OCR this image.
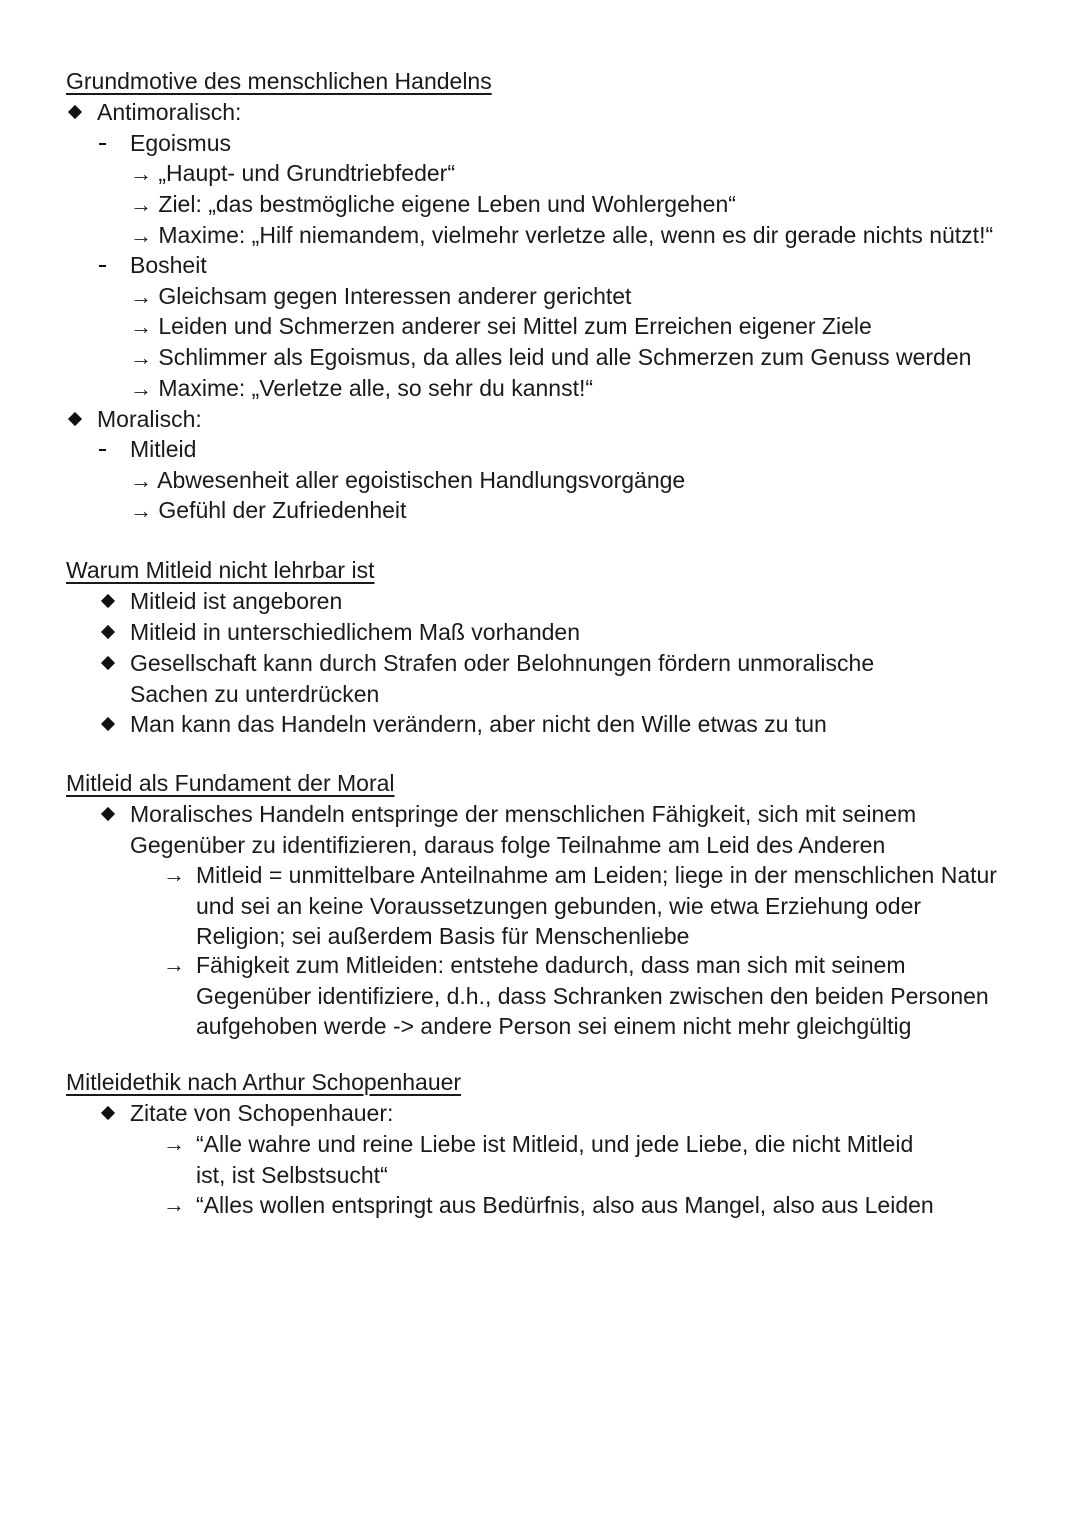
Grundmotive des menschlichen Handelns
Antimoralisch:
Egoismus
→ „Haupt- und Grundtriebfeder“
→ Ziel: „das bestmögliche eigene Leben und Wohlergehen“
→ Maxime: „Hilf niemandem, vielmehr verletze alle, wenn es dir gerade nichts nützt!“
Bosheit
→ Gleichsam gegen Interessen anderer gerichtet
→ Leiden und Schmerzen anderer sei Mittel zum Erreichen eigener Ziele
→ Schlimmer als Egoismus, da alles leid und alle Schmerzen zum Genuss werden
→ Maxime: „Verletze alle, so sehr du kannst!“
Moralisch:
Mitleid
→ Abwesenheit aller egoistischen Handlungsvorgänge
→ Gefühl der Zufriedenheit
Warum Mitleid nicht lehrbar ist
Mitleid ist angeboren
Mitleid in unterschiedlichem Maß vorhanden
Gesellschaft kann durch Strafen oder Belohnungen fördern unmoralische Sachen zu unterdrücken
Man kann das Handeln verändern, aber nicht den Wille etwas zu tun
Mitleid als Fundament der Moral
Moralisches Handeln entspringe der menschlichen Fähigkeit, sich mit seinem Gegenüber zu identifizieren, daraus folge Teilnahme am Leid des Anderen
→ Mitleid = unmittelbare Anteilnahme am Leiden; liege in der menschlichen Natur und sei an keine Voraussetzungen gebunden, wie etwa Erziehung oder Religion; sei außerdem Basis für Menschenliebe
→ Fähigkeit zum Mitleiden: entstehe dadurch, dass man sich mit seinem Gegenüber identifiziere, d.h., dass Schranken zwischen den beiden Personen aufgehoben werde -> andere Person sei einem nicht mehr gleichgültig
Mitleidethik nach Arthur Schopenhauer
Zitate von Schopenhauer:
→ “Alle wahre und reine Liebe ist Mitleid, und jede Liebe, die nicht Mitleid ist, ist Selbstsucht“
→ “Alles wollen entspringt aus Bedürfnis, also aus Mangel, also aus Leiden
